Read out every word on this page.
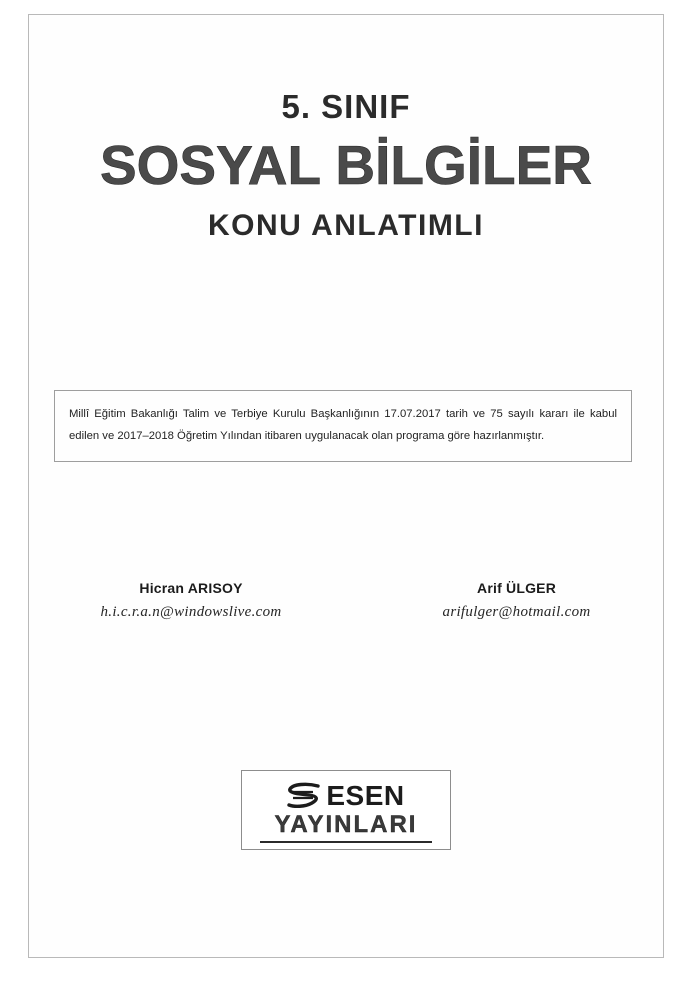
5. SINIF
SOSYAL BİLGİLER
KONU ANLATIMLI
Millî Eğitim Bakanlığı Talim ve Terbiye Kurulu Başkanlığının 17.07.2017 tarih ve 75 sayılı kararı ile kabul edilen ve 2017–2018 Öğretim Yılından itibaren uygulanacak olan programa göre hazırlanmıştır.
Hicran ARISOY
h.i.c.r.a.n@windowslive.com
Arif ÜLGER
arifulger@hotmail.com
ESEN
YAYINLARI
